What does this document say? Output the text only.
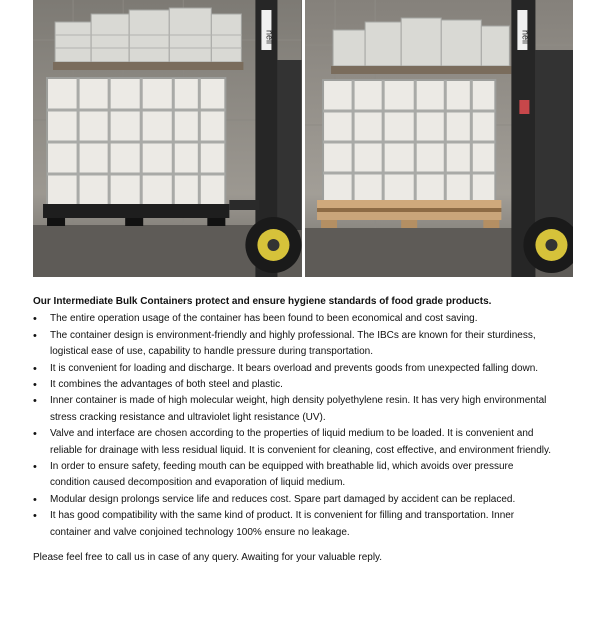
heli	heli

Our Intermediate Bulk Containers protect and ensure hygiene standards of food grade products.

• The entire operation usage of the container has been found to been economical and cost saving.
• The container design is environment-friendly and highly professional. The IBCs are known for their sturdiness, logistical ease of use, capability to handle pressure during transportation.
• It is convenient for loading and discharge. It bears overload and prevents goods from unexpected falling down.
• It combines the advantages of both steel and plastic.
• Inner container is made of high molecular weight, high density polyethylene resin. It has very high environmental stress cracking resistance and ultraviolet light resistance (UV).
• Valve and interface are chosen according to the properties of liquid medium to be loaded. It is convenient and reliable for drainage with less residual liquid. It is convenient for cleaning, cost effective, and environment friendly.
• In order to ensure safety, feeding mouth can be equipped with breathable lid, which avoids over pressure condition caused decomposition and evaporation of liquid medium.
• Modular design prolongs service life and reduces cost. Spare part damaged by accident can be replaced.
• It has good compatibility with the same kind of product. It is convenient for filling and transportation. Inner container and valve conjoined technology 100% ensure no leakage.

Please feel free to call us in case of any query. Awaiting for your valuable reply.
